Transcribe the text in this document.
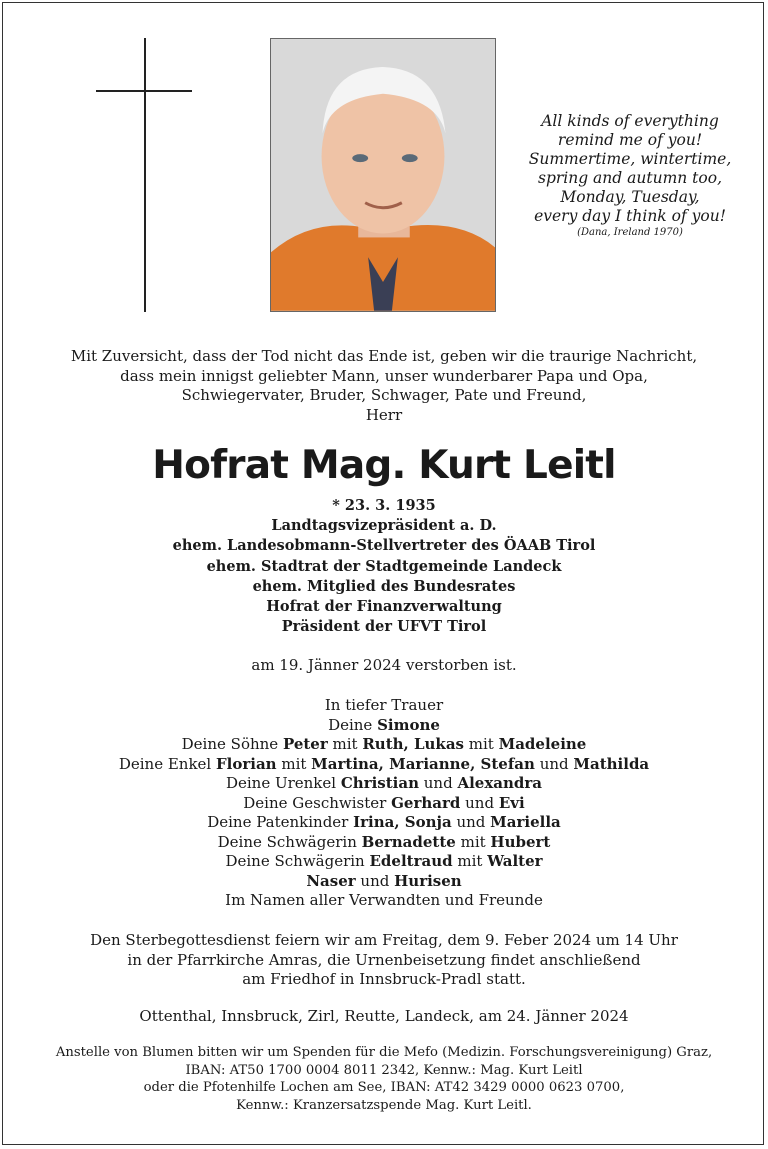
All kinds of everything
remind me of you!
Summertime, wintertime,
spring and autumn too,
Monday, Tuesday,
every day I think of you!
(Dana, Ireland 1970)
Mit Zuversicht, dass der Tod nicht das Ende ist, geben wir die traurige Nachricht,
dass mein innigst geliebter Mann, unser wunderbarer Papa und Opa,
Schwiegervater, Bruder, Schwager, Pate und Freund,
Herr
Hofrat Mag. Kurt Leitl
* 23. 3. 1935
Landtagsvizepräsident a. D.
ehem. Landesobmann-Stellvertreter des ÖAAB Tirol
ehem. Stadtrat der Stadtgemeinde Landeck
ehem. Mitglied des Bundesrates
Hofrat der Finanzverwaltung
Präsident der UFVT Tirol
am 19. Jänner 2024 verstorben ist.
In tiefer Trauer
Deine Simone
Deine Söhne Peter mit Ruth, Lukas mit Madeleine
Deine Enkel Florian mit Martina, Marianne, Stefan und Mathilda
Deine Urenkel Christian und Alexandra
Deine Geschwister Gerhard und Evi
Deine Patenkinder Irina, Sonja und Mariella
Deine Schwägerin Bernadette mit Hubert
Deine Schwägerin Edeltraud mit Walter
Naser und Hurisen
Im Namen aller Verwandten und Freunde
Den Sterbegottesdienst feiern wir am Freitag, dem 9. Feber 2024 um 14 Uhr
in der Pfarrkirche Amras, die Urnenbeisetzung findet anschließend
am Friedhof in Innsbruck-Pradl statt.
Ottenthal, Innsbruck, Zirl, Reutte, Landeck, am 24. Jänner 2024
Anstelle von Blumen bitten wir um Spenden für die Mefo (Medizin. Forschungsvereinigung) Graz,
IBAN: AT50 1700 0004 8011 2342, Kennw.: Mag. Kurt Leitl
oder die Pfotenhilfe Lochen am See, IBAN: AT42 3429 0000 0623 0700,
Kennw.: Kranzersatzspende Mag. Kurt Leitl.
